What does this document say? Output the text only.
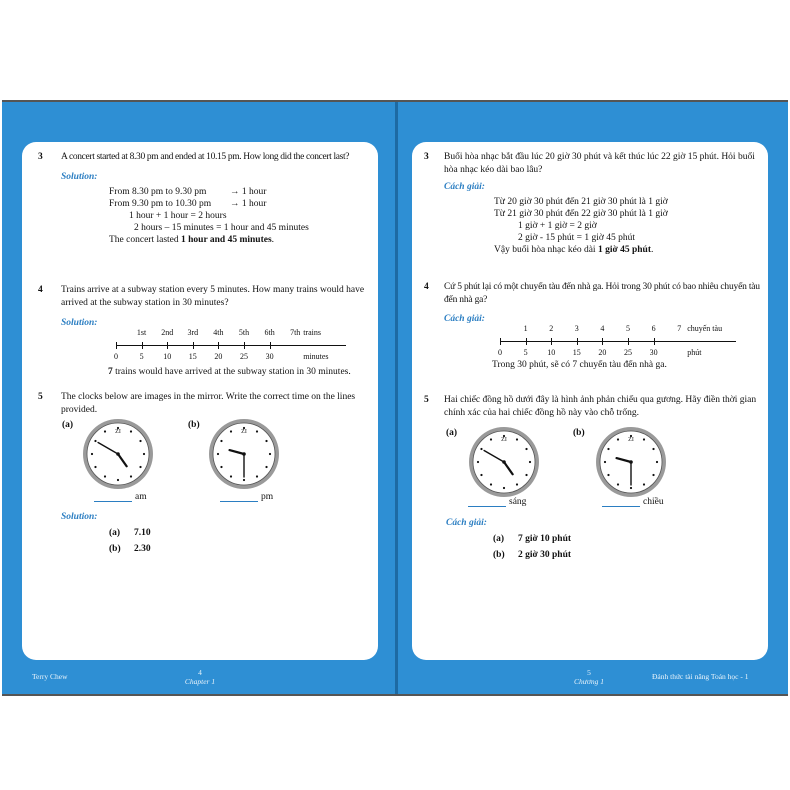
3 A concert started at 8.30 pm and ended at 10.15 pm. How long did the concert last?
Solution:
From 8.30 pm to 9.30 pm → 1 hour
From 9.30 pm to 10.30 pm → 1 hour
1 hour + 1 hour = 2 hours
2 hours – 15 minutes = 1 hour and 45 minutes
The concert lasted 1 hour and 45 minutes.
4 Trains arrive at a subway station every 5 minutes. How many trains would have arrived at the subway station in 30 minutes?
Solution:
0	5 10 15 20 25 30
1st 2nd 3rd 4th 5th 6th 7th trains
minutes
7 trains would have arrived at the subway station in 30 minutes.
5 The clocks below are images in the mirror. Write the correct time on the lines provided.
(a)	(b)
ZI	ZI
am	pm
Solution:
(a) 7.10
(b) 2.30
3 Buổi hòa nhạc bắt đầu lúc 20 giờ 30 phút và kết thúc lúc 22 giờ 15 phút. Hỏi buổi hòa nhạc kéo dài bao lâu?
Cách giải:
Từ 20 giờ 30 phút đến 21 giờ 30 phút là 1 giờ
Từ 21 giờ 30 phút đến 22 giờ 30 phút là 1 giờ
1 giờ + 1 giờ = 2 giờ
2 giờ - 15 phút = 1 giờ 45 phút
Vậy buổi hòa nhạc kéo dài 1 giờ 45 phút.
4 Cứ 5 phút lại có một chuyến tàu đến nhà ga. Hỏi trong 30 phút có bao nhiêu chuyến tàu đến nhà ga?
Cách giải:
0	5 10 15 20 25 30
1	2	3	4	5	6	7 chuyến tàu
phút
Trong 30 phút, sẽ có 7 chuyến tàu đến nhà ga.
5 Hai chiếc đồng hồ dưới đây là hình ảnh phản chiếu qua gương. Hãy điền thời gian chính xác của hai chiếc đồng hồ này vào chỗ trống.
(a)	(b)
ZI	ZI
sáng	chiều
Cách giải:
(a) 7 giờ 10 phút
(b) 2 giờ 30 phút
Terry Chew	4
Chapter 1
5
Chương 1
Đánh thức tài năng Toán học - 1
